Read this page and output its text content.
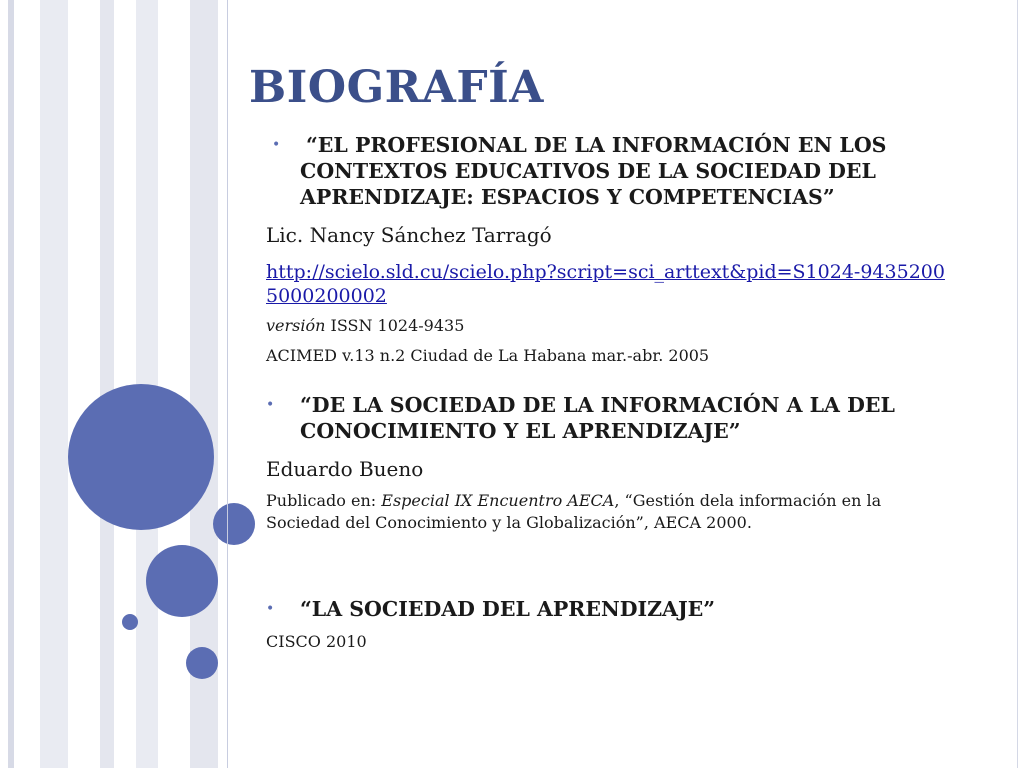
BIOGRAFÍA
• “EL PROFESIONAL DE LA INFORMACIÓN EN LOS CONTEXTOS EDUCATIVOS DE LA SOCIEDAD DEL APRENDIZAJE: ESPACIOS Y COMPETENCIAS”
Lic. Nancy Sánchez Tarragó
http://scielo.sld.cu/scielo.php?script=sci_arttext&pid=S1024-94352005000200002
versión ISSN 1024-9435
ACIMED v.13 n.2 Ciudad de La Habana mar.-abr. 2005
• “DE LA SOCIEDAD DE LA INFORMACIÓN A LA DEL CONOCIMIENTO Y EL APRENDIZAJE”
Eduardo Bueno
Publicado en: Especial IX Encuentro AECA, “Gestión dela información en la Sociedad del Conocimiento y la Globalización”, AECA 2000.
• “LA SOCIEDAD DEL APRENDIZAJE”
CISCO 2010
